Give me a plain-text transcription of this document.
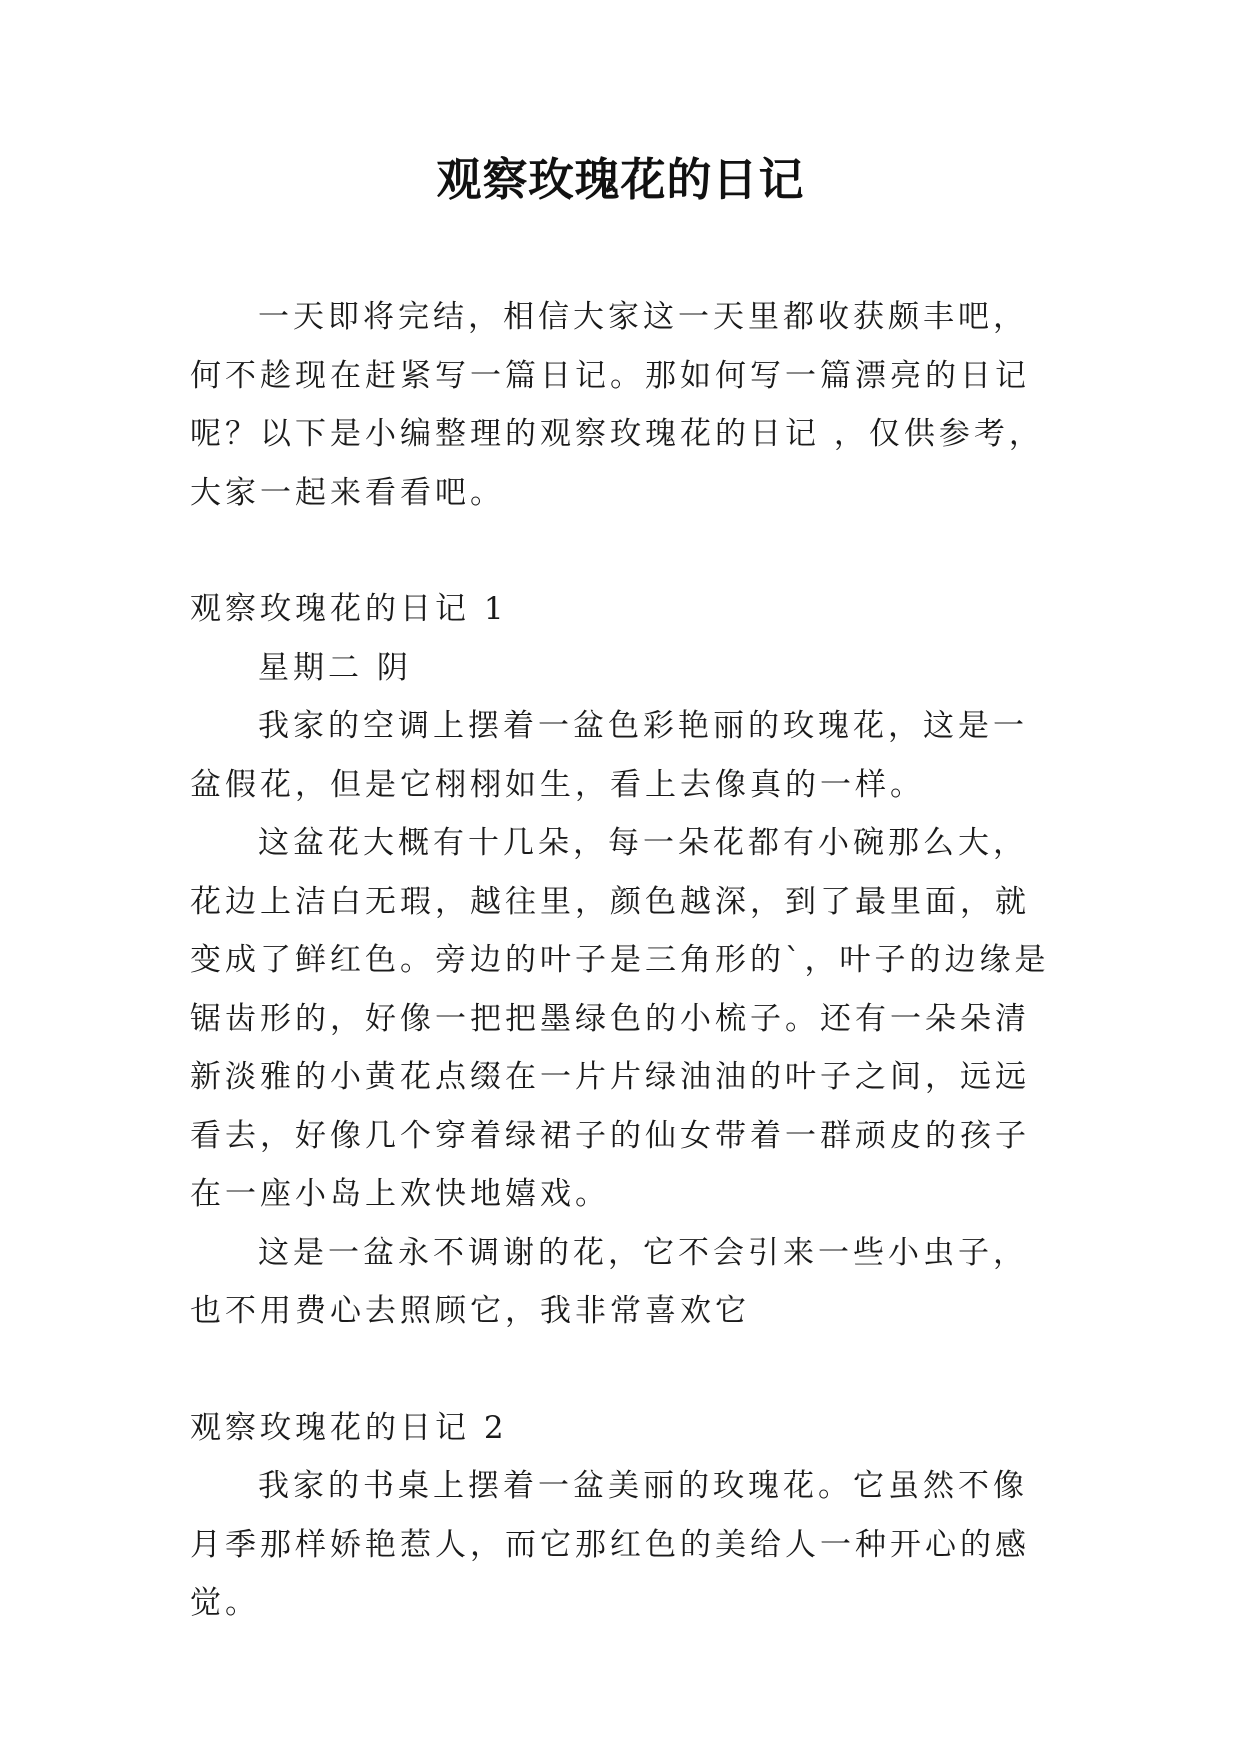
观察玫瑰花的日记

一天即将完结，相信大家这一天里都收获颇丰吧，何不趁现在赶紧写一篇日记。那如何写一篇漂亮的日记呢？以下是小编整理的观察玫瑰花的日记 ，仅供参考，大家一起来看看吧。

观察玫瑰花的日记 1

星期二 阴

我家的空调上摆着一盆色彩艳丽的玫瑰花，这是一盆假花，但是它栩栩如生，看上去像真的一样。

这盆花大概有十几朵，每一朵花都有小碗那么大，花边上洁白无瑕，越往里，颜色越深，到了最里面，就变成了鲜红色。旁边的叶子是三角形的`，叶子的边缘是锯齿形的，好像一把把墨绿色的小梳子。还有一朵朵清新淡雅的小黄花点缀在一片片绿油油的叶子之间，远远看去，好像几个穿着绿裙子的仙女带着一群顽皮的孩子在一座小岛上欢快地嬉戏。

这是一盆永不调谢的花，它不会引来一些小虫子，也不用费心去照顾它，我非常喜欢它

观察玫瑰花的日记 2

我家的书桌上摆着一盆美丽的玫瑰花。它虽然不像月季那样娇艳惹人，而它那红色的美给人一种开心的感觉。
